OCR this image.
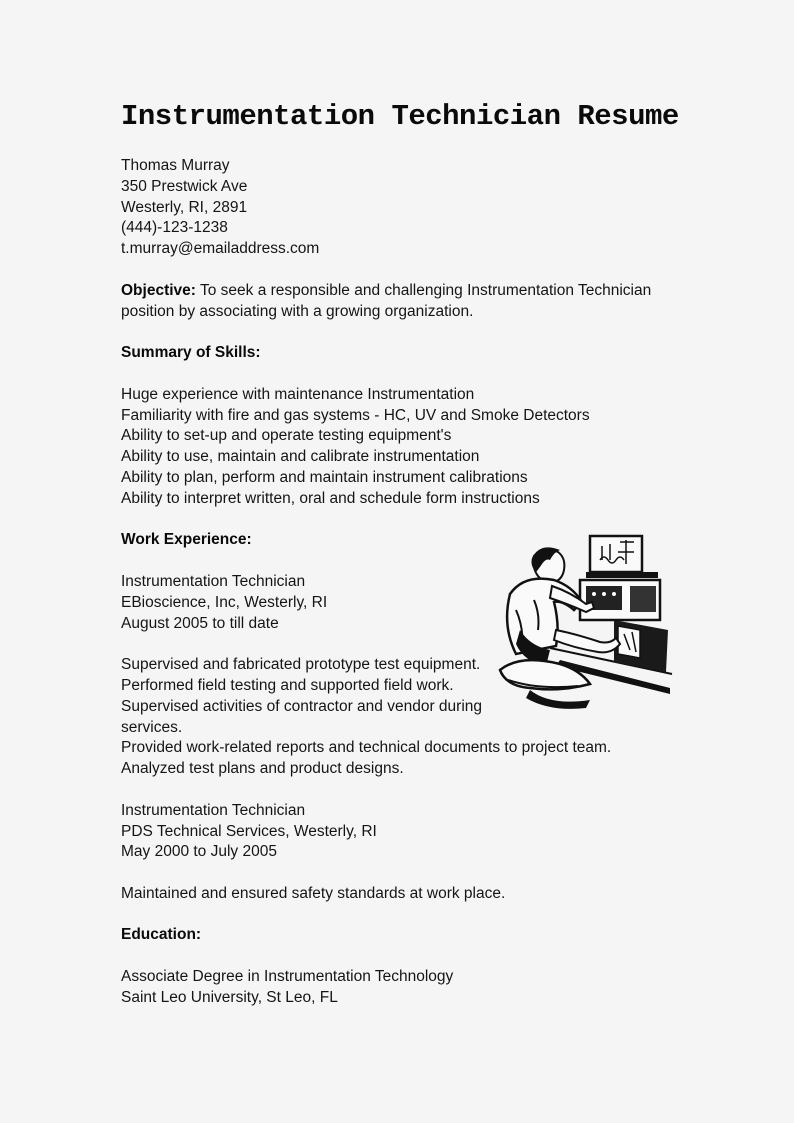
Instrumentation Technician Resume
Thomas Murray
350 Prestwick Ave
Westerly, RI, 2891
(444)-123-1238
t.murray@emailaddress.com
Objective: To seek a responsible and challenging Instrumentation Technician
position by associating with a growing organization.
Summary of Skills:
Huge experience with maintenance Instrumentation
Familiarity with fire and gas systems - HC, UV and Smoke Detectors
Ability to set-up and operate testing equipment's
Ability to use, maintain and calibrate instrumentation
Ability to plan, perform and maintain instrument calibrations
Ability to interpret written, oral and schedule form instructions
Work Experience:
Instrumentation Technician
EBioscience, Inc, Westerly, RI
August 2005 to till date
Supervised and fabricated prototype test equipment.
Performed field testing and supported field work.
Supervised activities of contractor and vendor during
services.
Provided work-related reports and technical documents to project team.
Analyzed test plans and product designs.
Instrumentation Technician
PDS Technical Services, Westerly, RI
May 2000 to July 2005
Maintained and ensured safety standards at work place.
Education:
Associate Degree in Instrumentation Technology
Saint Leo University, St Leo, FL
